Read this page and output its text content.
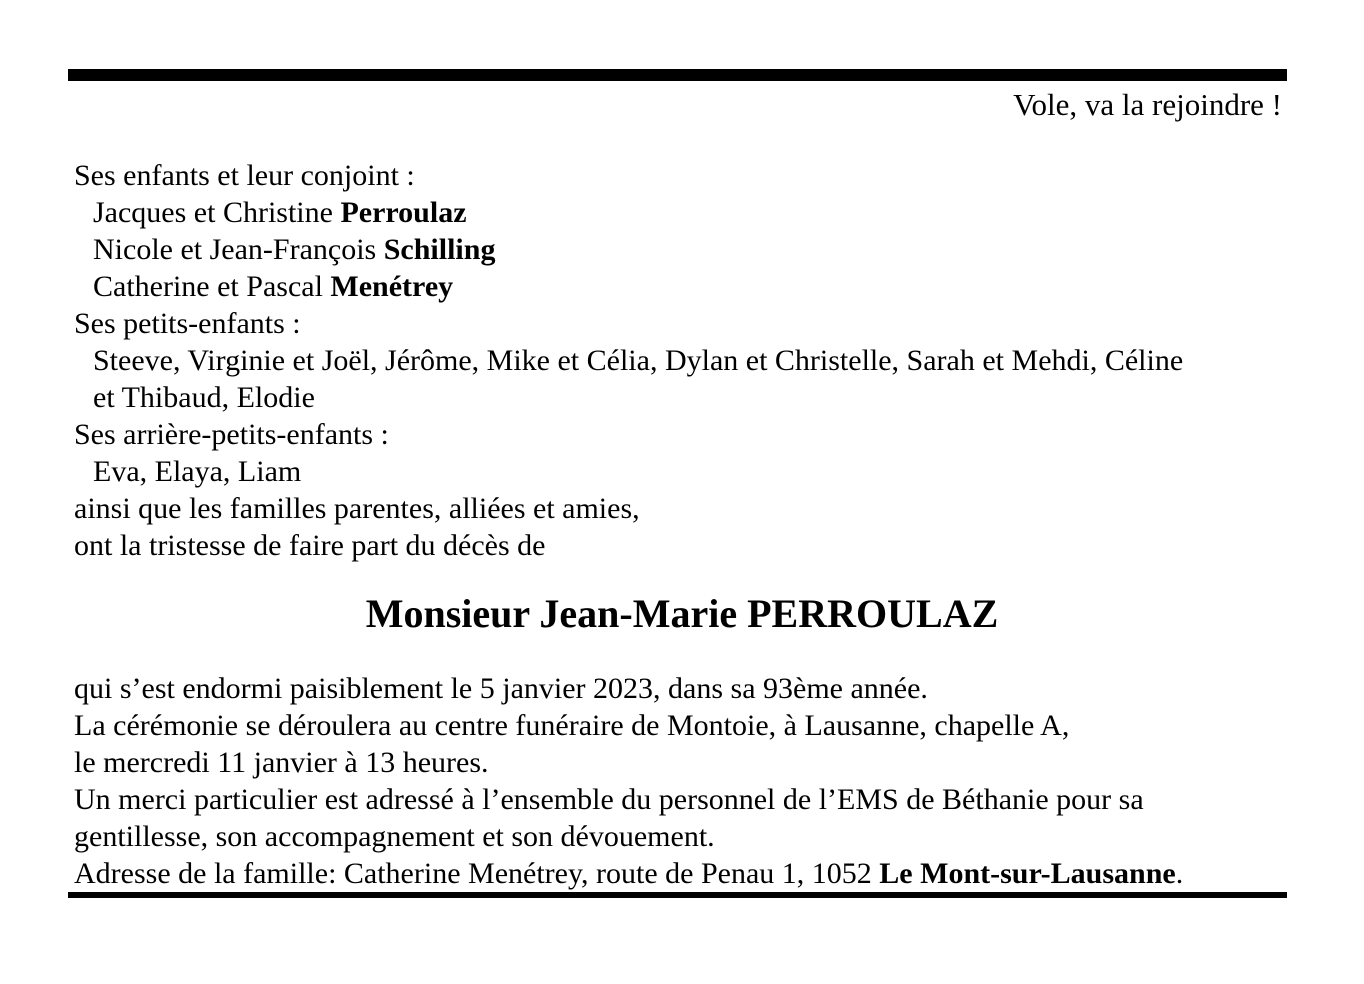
Vole, va la rejoindre !

Ses enfants et leur conjoint :

Jacques et Christine Perroulaz

Nicole et Jean-François Schilling

Catherine et Pascal Menétrey

Ses petits-enfants :

Steeve, Virginie et Joël, Jérôme, Mike et Célia, Dylan et Christelle, Sarah et Mehdi, Céline

et Thibaud, Elodie

Ses arrière-petits-enfants :

Eva, Elaya, Liam

ainsi que les familles parentes, alliées et amies,

ont la tristesse de faire part du décès de

Monsieur Jean-Marie PERROULAZ

qui s’est endormi paisiblement le 5 janvier 2023, dans sa 93ème année.

La cérémonie se déroulera au centre funéraire de Montoie, à Lausanne, chapelle A,

le mercredi 11 janvier à 13 heures.

Un merci particulier est adressé à l’ensemble du personnel de l’EMS de Béthanie pour sa

gentillesse, son accompagnement et son dévouement.

Adresse de la famille: Catherine Menétrey, route de Penau 1, 1052 Le Mont-sur-Lausanne.
